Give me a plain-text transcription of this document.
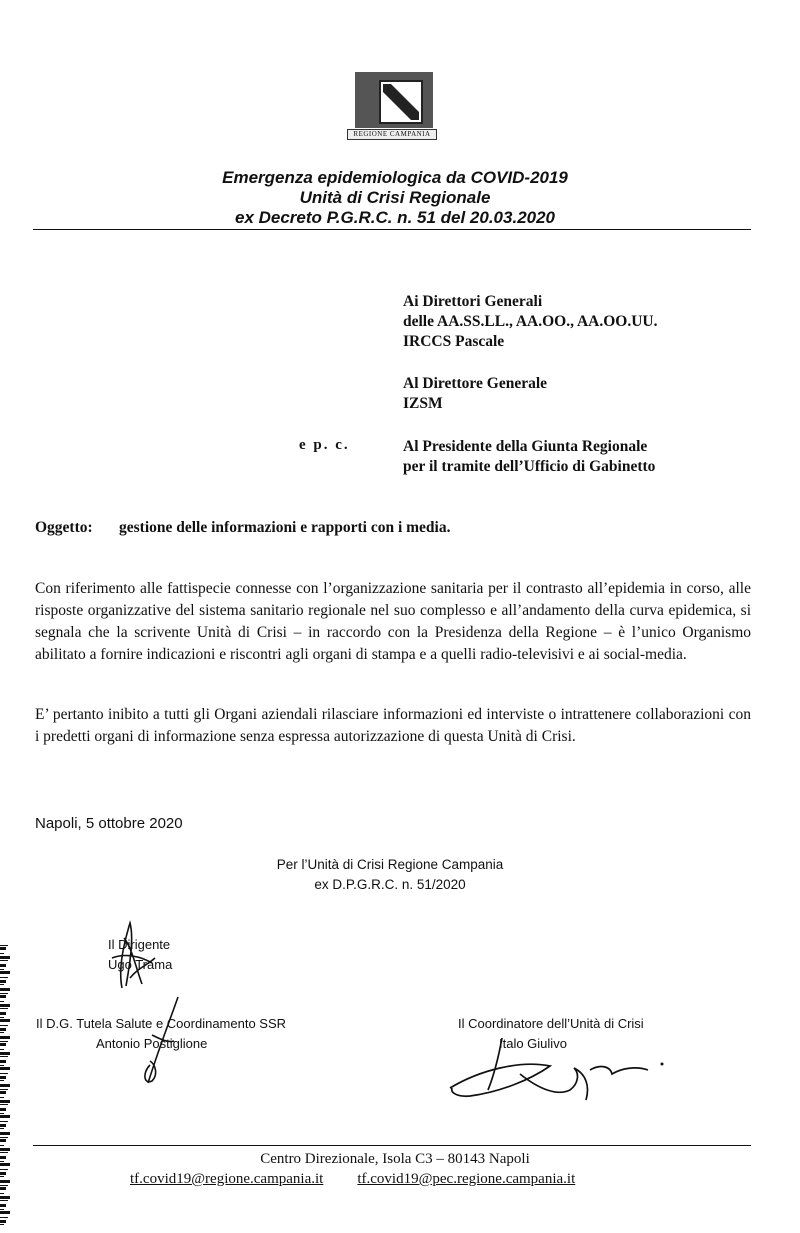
REGIONE CAMPANIA
Emergenza epidemiologica da COVID-2019
Unità di Crisi Regionale
ex Decreto P.G.R.C. n. 51 del 20.03.2020
Ai Direttori Generali
delle AA.SS.LL., AA.OO., AA.OO.UU.
IRCCS Pascale
Al Direttore Generale
IZSM
e p. c.	Al Presidente della Giunta Regionale
per il tramite dell’Ufficio di Gabinetto
Oggetto: gestione delle informazioni e rapporti con i media.
Con riferimento alle fattispecie connesse con l’organizzazione sanitaria per il contrasto all’epidemia in corso, alle risposte organizzative del sistema sanitario regionale nel suo complesso e all’andamento della curva epidemica, si segnala che la scrivente Unità di Crisi – in raccordo con la Presidenza della Regione – è l’unico Organismo abilitato a fornire indicazioni e riscontri agli organi di stampa e a quelli radio-televisivi e ai social-media.
E’ pertanto inibito a tutti gli Organi aziendali rilasciare informazioni ed interviste o intrattenere collaborazioni con i predetti organi di informazione senza espressa autorizzazione di questa Unità di Crisi.
Napoli, 5 ottobre 2020
Per l’Unità di Crisi Regione Campania
ex D.P.G.R.C. n. 51/2020
Il Dirigente
Ugo Trama
Il D.G. Tutela Salute e Coordinamento SSR
Antonio Postiglione
Il Coordinatore dell’Unità di Crisi
Italo Giulivo
Centro Direzionale, Isola C3 – 80143 Napoli
tf.covid19@regione.campania.it tf.covid19@pec.regione.campania.it
